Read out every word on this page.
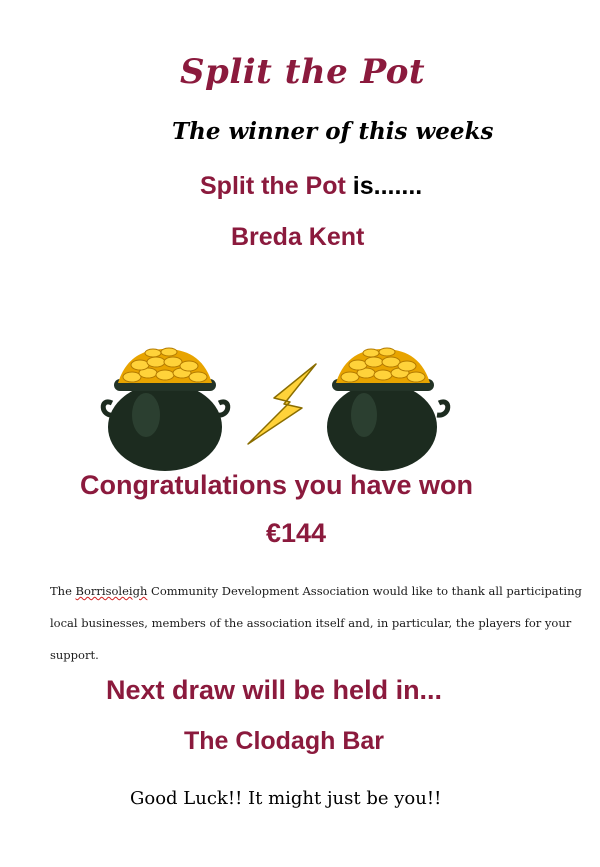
Split the Pot
The winner of this weeks
Split the Pot is.......
Breda Kent
Congratulations you have won
€144
The Borrisoleigh Community Development Association would like to thank all participating
local businesses, members of the association itself and, in particular, the players for your
support.
Next draw will be held in...
The Clodagh Bar
Good Luck!! It might just be you!!
